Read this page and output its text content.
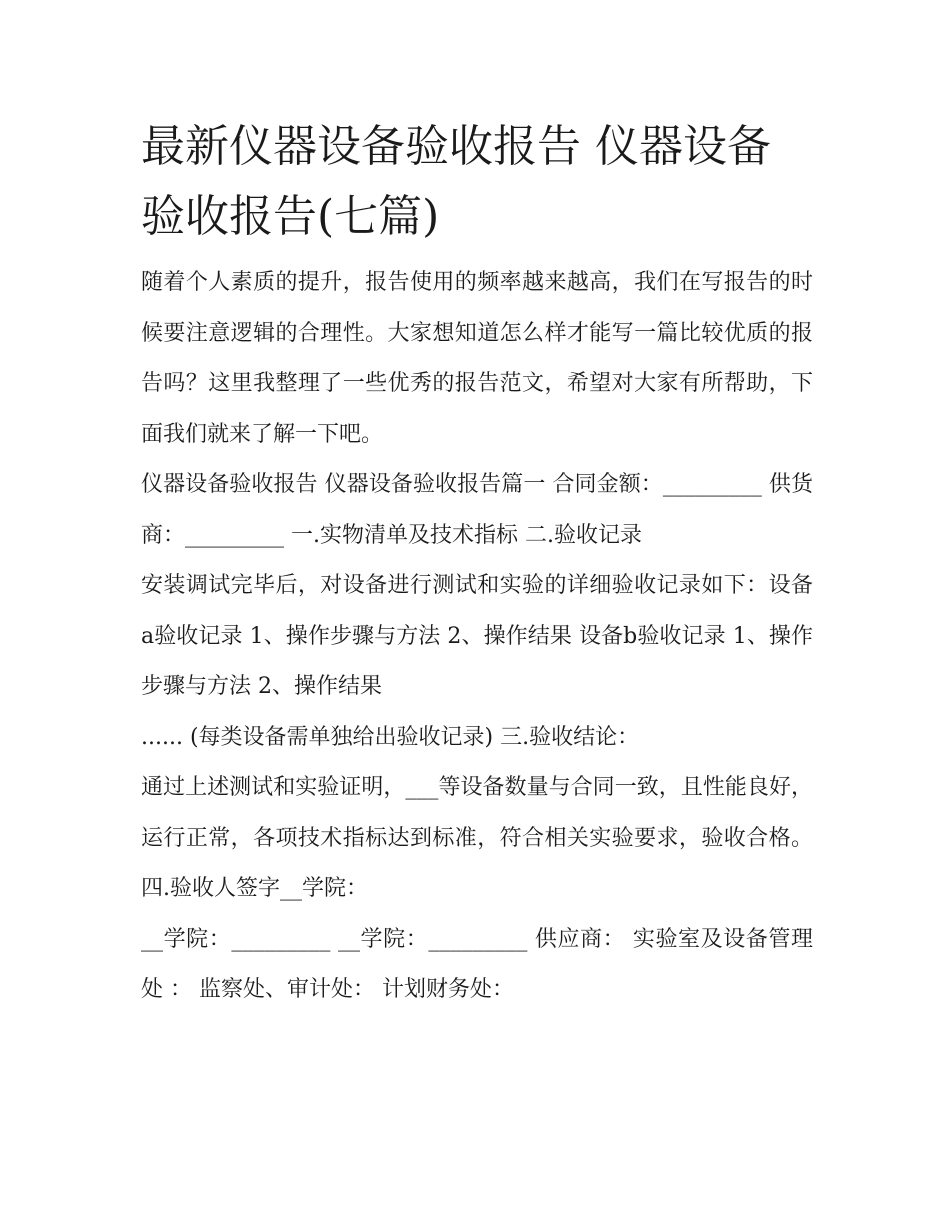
最新仪器设备验收报告 仪器设备验收报告(七篇)

随着个人素质的提升，报告使用的频率越来越高，我们在写报告的时候要注意逻辑的合理性。大家想知道怎么样才能写一篇比较优质的报告吗？这里我整理了一些优秀的报告范文，希望对大家有所帮助，下面我们就来了解一下吧。

仪器设备验收报告 仪器设备验收报告篇一 合同金额：_________ 供货商：_________ 一.实物清单及技术指标 二.验收记录

安装调试完毕后，对设备进行测试和实验的详细验收记录如下：设备a验收记录 1、操作步骤与方法 2、操作结果 设备b验收记录 1、操作步骤与方法 2、操作结果

...... (每类设备需单独给出验收记录) 三.验收结论：

通过上述测试和实验证明，___等设备数量与合同一致，且性能良好，运行正常，各项技术指标达到标准，符合相关实验要求，验收合格。 四.验收人签字__学院：

__学院：_________ __学院：_________ 供应商： 实验室及设备管理处 ： 监察处、审计处： 计划财务处：
